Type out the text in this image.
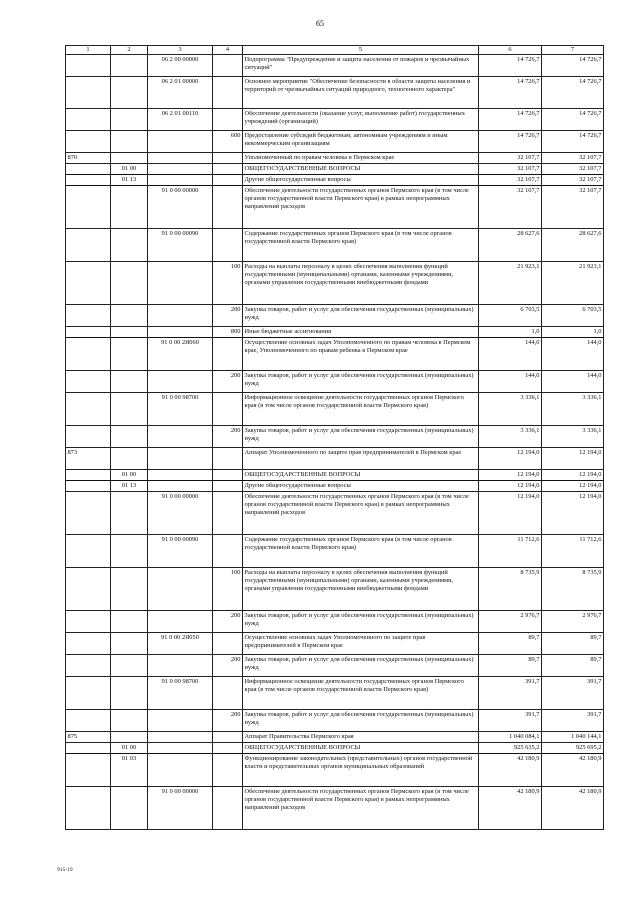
65
1	2	3	4	5	6	7
		06 2 00 00000		Подпрограмма "Предупреждение и защита населения от пожаров и чрезвычайных ситуаций"	14 726,7	14 726,7
		06 2 01 00000		Основное мероприятие "Обеспечение безопасности в области защиты населения и территорий от чрезвычайных ситуаций природного, техногенного характера"	14 726,7	14 726,7
		06 2 01 00110		Обеспечение деятельности (оказание услуг, выполнение работ) государственных учреждений (организаций)	14 726,7	14 726,7
			600	Предоставление субсидий бюджетным, автономным учреждениям и иным некоммерческим организациям	14 726,7	14 726,7
870				Уполномоченный по правам человека в Пермском крае	32 107,7	32 107,7
	01 00			ОБЩЕГОСУДАРСТВЕННЫЕ ВОПРОСЫ	32 107,7	32 107,7
	01 13			Другие общегосударственные вопросы	32 107,7	32 107,7
		91 0 00 00000		Обеспечение деятельности государственных органов Пермского края (в том числе органов государственной власти Пермского края) в рамках непрограммных направлений расходов	32 107,7	32 107,7
		91 0 00 00090		Содержание государственных органов Пермского края (в том числе органов государственной власти Пермского края)	28 627,6	28 627,6
			100	Расходы на выплаты персоналу в целях обеспечения выполнения функций государственными (муниципальными) органами, казенными учреждениями, органами управления государственными внебюджетными фондами	21 923,1	21 923,1
			200	Закупка товаров, работ и услуг для обеспечения государственных (муниципальных) нужд	6 703,5	6 703,5
			800	Иные бюджетные ассигнования	1,0	1,0
		91 0 00 2Я060		Осуществление основных задач Уполномоченного по правам человека в Пермском крае, Уполномоченного по правам ребенка в Пермском крае	144,0	144,0
			200	Закупка товаров, работ и услуг для обеспечения государственных (муниципальных) нужд	144,0	144,0
		91 0 00 98700		Информационное освещение деятельности государственных органов Пермского края (в том числе органов государственной власти Пермского края)	3 336,1	3 336,1
			200	Закупка товаров, работ и услуг для обеспечения государственных (муниципальных) нужд	3 336,1	3 336,1
873				Аппарат Уполномоченного по защите прав предпринимателей в Пермском крае	12 194,0	12 194,0
	01 00			ОБЩЕГОСУДАРСТВЕННЫЕ ВОПРОСЫ	12 194,0	12 194,0
	01 13			Другие общегосударственные вопросы	12 194,0	12 194,0
		91 0 00 00000		Обеспечение деятельности государственных органов Пермского края (в том числе органов государственной власти Пермского края) в рамках непрограммных направлений расходов	12 194,0	12 194,0
		91 0 00 00090		Содержание государственных органов Пермского края (в том числе органов государственной власти Пермского края)	11 712,6	11 712,6
			100	Расходы на выплаты персоналу в целях обеспечения выполнения функций государственными (муниципальными) органами, казенными учреждениями, органами управления государственными внебюджетными фондами	8 735,9	8 735,9
			200	Закупка товаров, работ и услуг для обеспечения государственных (муниципальных) нужд	2 976,7	2 976,7
		91 0 00 2Я050		Осуществление основных задач Уполномоченного по защите прав предпринимателей в Пермском крае	89,7	89,7
			200	Закупка товаров, работ и услуг для обеспечения государственных (муниципальных) нужд	89,7	89,7
		91 0 00 98700		Информационное освещение деятельности государственных органов Пермского края (в том числе органов государственной власти Пермского края)	391,7	391,7
			200	Закупка товаров, работ и услуг для обеспечения государственных (муниципальных) нужд	391,7	391,7
875				Аппарат Правительства Пермского края	1 040 084,1	1 040 144,1
	01 00			ОБЩЕГОСУДАРСТВЕННЫЕ ВОПРОСЫ	925 635,2	925 695,2
	01 03			Функционирование законодательных (представительных) органов государственной власти и представительных органов муниципальных образований	42 180,9	42 180,9
		91 0 00 00000		Обеспечение деятельности государственных органов Пермского края (в том числе органов государственной власти Пермского края) в рамках непрограммных направлений расходов	42 180,9	42 180,9
915-19
